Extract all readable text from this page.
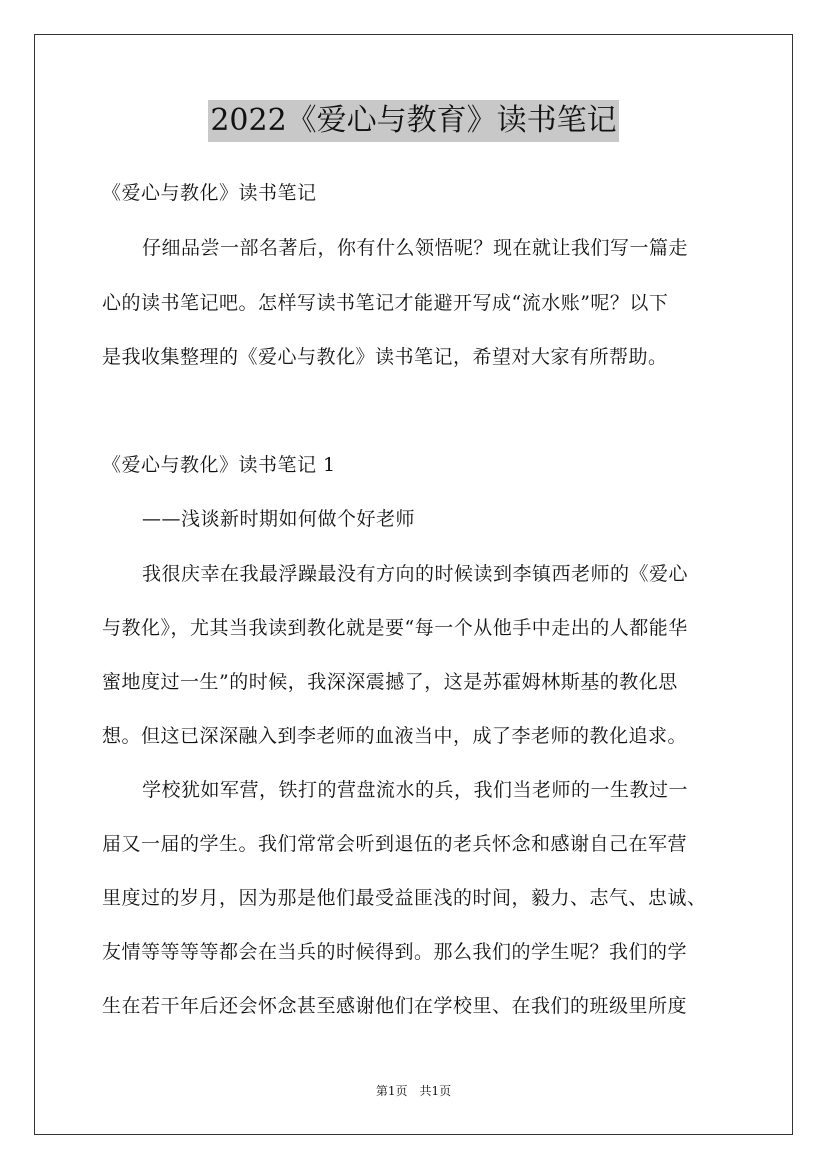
2022《爱心与教育》读书笔记
《爱心与教化》读书笔记
仔细品尝一部名著后，你有什么领悟呢？现在就让我们写一篇走
心的读书笔记吧。怎样写读书笔记才能避开写成“流水账”呢？以下
是我收集整理的《爱心与教化》读书笔记，希望对大家有所帮助。
《爱心与教化》读书笔记 1
——浅谈新时期如何做个好老师
我很庆幸在我最浮躁最没有方向的时候读到李镇西老师的《爱心
与教化》，尤其当我读到教化就是要“每一个从他手中走出的人都能华
蜜地度过一生”的时候，我深深震撼了，这是苏霍姆林斯基的教化思
想。但这已深深融入到李老师的血液当中，成了李老师的教化追求。
学校犹如军营，铁打的营盘流水的兵，我们当老师的一生教过一
届又一届的学生。我们常常会听到退伍的老兵怀念和感谢自己在军营
里度过的岁月，因为那是他们最受益匪浅的时间，毅力、志气、忠诚、
友情等等等等都会在当兵的时候得到。那么我们的学生呢？我们的学
生在若干年后还会怀念甚至感谢他们在学校里、在我们的班级里所度
第1页　共1页
